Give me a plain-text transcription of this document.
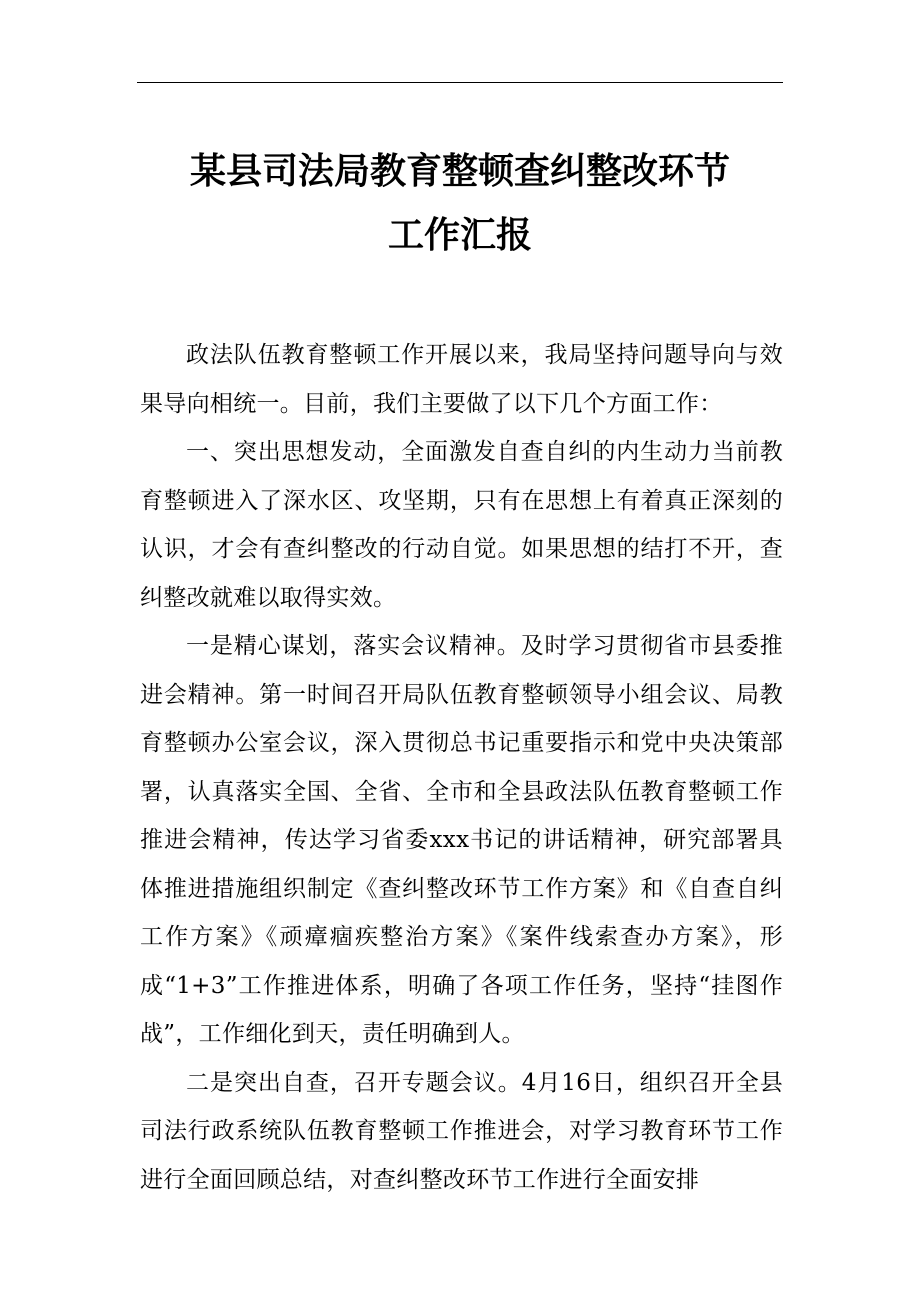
某县司法局教育整顿查纠整改环节
工作汇报

政法队伍教育整顿工作开展以来，我局坚持问题导向与效果导向相统一。目前，我们主要做了以下几个方面工作：

一、突出思想发动，全面激发自查自纠的内生动力当前教育整顿进入了深水区、攻坚期，只有在思想上有着真正深刻的认识，才会有查纠整改的行动自觉。如果思想的结打不开，查纠整改就难以取得实效。

一是精心谋划，落实会议精神。及时学习贯彻省市县委推进会精神。第一时间召开局队伍教育整顿领导小组会议、局教育整顿办公室会议，深入贯彻总书记重要指示和党中央决策部署，认真落实全国、全省、全市和全县政法队伍教育整顿工作推进会精神，传达学习省委xxx书记的讲话精神，研究部署具体推进措施组织制定《查纠整改环节工作方案》和《自查自纠工作方案》《顽瘴痼疾整治方案》《案件线索查办方案》，形成“1+3”工作推进体系，明确了各项工作任务，坚持“挂图作战”，工作细化到天，责任明确到人。

二是突出自查，召开专题会议。4月16日，组织召开全县司法行政系统队伍教育整顿工作推进会，对学习教育环节工作进行全面回顾总结，对查纠整改环节工作进行全面安排
